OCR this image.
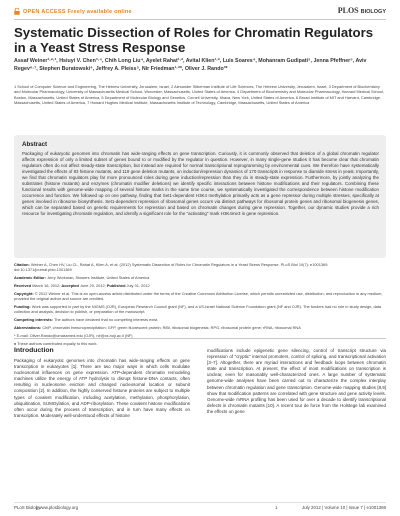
OPEN ACCESS Freely available online	PLOS BIOLOGY
Systematic Dissection of Roles for Chromatin Regulators in a Yeast Stress Response
Assaf Weiner¹·²·³, Hsiuyi V. Chen³·⁴, Chih Long Liu⁴, Ayelet Rahat¹·², Avital Klien¹·², Luis Soares⁴, Mohanram Gudipati⁵, Jenna Pfeffner⁵, Aviv Regev⁶·⁷, Stephen Buratowski⁴, Jeffrey A. Pleiss⁵, Nir Friedman¹·²*, Oliver J. Rando³*
1 School of Computer Science and Engineering, The Hebrew University, Jerusalem, Israel, 2 Alexander Silberman Institute of Life Sciences, The Hebrew University, Jerusalem, Israel, 3 Department of Biochemistry and Molecular Pharmacology, University of Massachusetts Medical School, Worcester, Massachusetts, United States of America, 4 Department of Biochemistry and Molecular Pharmacology, Harvard Medical School, Boston, Massachusetts, United States of America, 5 Department of Molecular Biology and Genetics, Cornell University, Ithaca, New York, United States of America, 6 Broad Institute of MIT and Harvard, Cambridge, Massachusetts, United States of America, 7 Howard Hughes Medical Institute, Massachusetts Institute of Technology, Cambridge, Massachusetts, United States of America
Abstract
Packaging of eukaryotic genomes into chromatin has wide-ranging effects on gene transcription. Curiously, it is commonly observed that deletion of a global chromatin regulator affects expression of only a limited subset of genes bound to or modified by the regulator in question. However, in many single-gene studies it has become clear that chromatin regulators often do not affect steady-state transcription, but instead are required for normal transcriptional reprogramming by environmental cues. We therefore have systematically investigated the effects of 83 histone mutants, and 119 gene deletion mutants, on induction/repression dynamics of 170 transcripts in response to diamide stress in yeast. Importantly, we find that chromatin regulators play far more pronounced roles during gene induction/repression than they do in steady-state expression. Furthermore, by jointly analyzing the substrates (histone mutants) and enzymes (chromatin modifier deletions) we identify specific interactions between histone modifications and their regulators. Combining these functional results with genome-wide mapping of several histone marks in the same time course, we systematically investigated the correspondence between histone modification occurrence and function. We followed up on one pathway, finding that Set1-dependent H3K4 methylation primarily acts as a gene repressor during multiple stresses, specifically at genes involved in ribosome biosynthesis. Set1-dependent repression of ribosomal genes occurs via distinct pathways for ribosomal protein genes and ribosomal biogenesis genes, which can be separated based on genetic requirements for repression and based on chromatin changes during gene repression. Together, our dynamic studies provide a rich resource for investigating chromatin regulation, and identify a significant role for the "activating" mark H3K4me3 in gene repression.
Citation: Weiner A, Chen HV, Liu CL, Rahat A, Klien A, et al. (2012) Systematic Dissection of Roles for Chromatin Regulators in a Yeast Stress Response. PLoS Biol 10(7): e1001369. doi:10.1371/journal.pbio.1001369
Academic Editor: Jerry Workman, Stowers Institute, United States of America
Received March 16, 2012; Accepted June 20, 2012; Published July 31, 2012
Copyright: © 2012 Weiner et al. This is an open-access article distributed under the terms of the Creative Commons Attribution License, which permits unrestricted use, distribution, and reproduction in any medium, provided the original author and source are credited.
Funding: Work was supported in part by the NIGMS (OJR), European Research Council grant (NF), and a US-Israel National Science Foundation grant (NF and OJR). The funders had no role in study design, data collection and analysis, decision to publish, or preparation of the manuscript.
Competing interests: The authors have declared that no competing interests exist.
Abbreviations: ChIP, chromatin immunoprecipitation; GFP, green fluorescent protein; RiBi, ribosomal biogenesis; RPG, ribosomal protein gene; rRNA, ribosomal RNA
* E-mail: Oliver.Rando@umassmed.edu (OJR), nir@cs.huji.ac.il (NF)
♠ These authors contributed equally to this work.
Introduction
Packaging of eukaryotic genomes into chromatin has wide-ranging effects on gene transcription in eukaryotes [1]. There are two major ways in which cells modulate nucleosomal influences on gene expression. ATP-dependent chromatin remodeling machines utilize the energy of ATP hydrolysis to disrupt histone-DNA contacts, often resulting in nucleosome eviction and changed nucleosomal location or subunit composition [2]. In addition, the highly conserved histone proteins are subject to multiple types of covalent modification, including acetylation, methylation, phosphorylation, ubiquitination, SUMOylation, and ADP-ribosylation. These covalent histone modifications often occur during the process of transcription, and in turn have many effects on transcription. Moderately well-understood effects of histone
modifications include epigenetic gene silencing, control of transcript structure via repression of "cryptic" internal promoters, control of splicing, and transcriptional activation [3–7]. Altogether, there are myriad interactions and feedback loops between chromatin state and transcription. At present, the effect of most modifications on transcription is unclear, even for reasonably well-characterized ones. A large number of systematic genome-wide analyses have been carried out to characterize the complex interplay between chromatin regulation and gene transcription. Genome-wide mapping studies [8,9] show that modification patterns are correlated with gene structure and gene activity levels. Genome-wide mRNA profiling has been used for over a decade to identify transcriptional defects in chromatin mutants [10]. A recent tour de force from the Holstege lab examined the effects on gene
PLoS Biology
| www.plosbiology.org	1	July 2012 | Volume 10 | Issue 7 | e1001369
